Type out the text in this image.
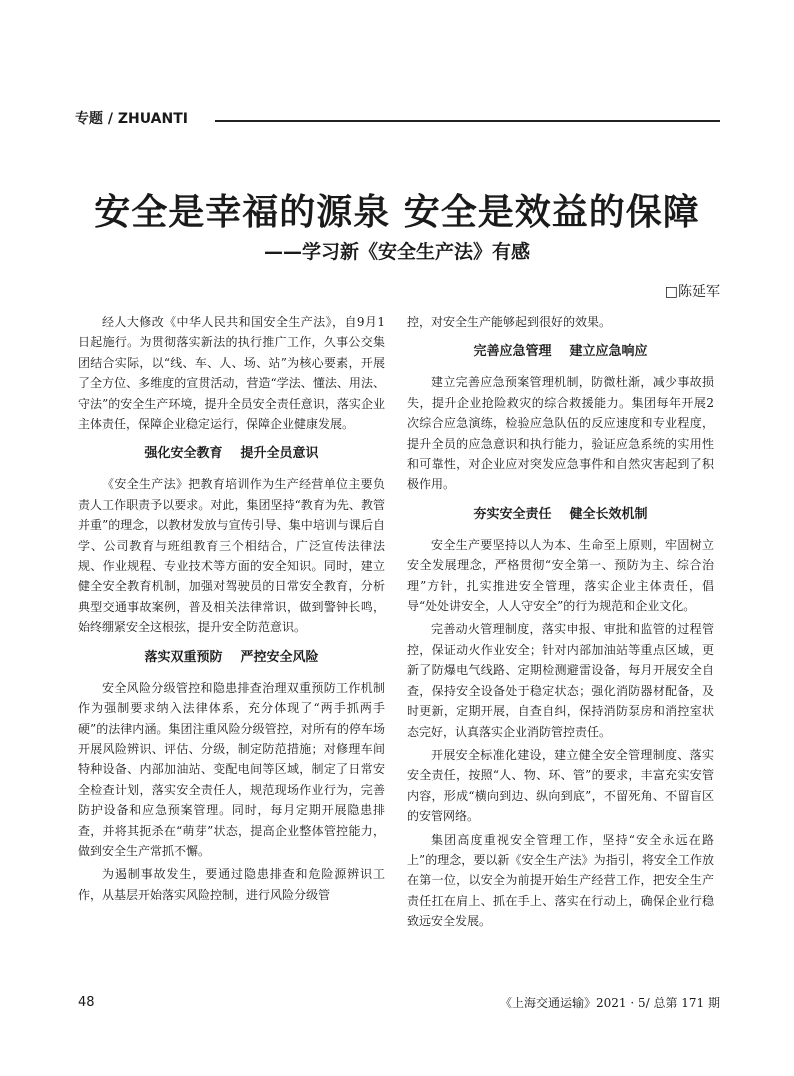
专题 / ZHUANTI
安全是幸福的源泉 安全是效益的保障
——学习新《安全生产法》有感
□陈延军

经人大修改《中华人民共和国安全生产法》，自9月1日起施行。为贯彻落实新法的执行推广工作，久事公交集团结合实际，以“线、车、人、场、站”为核心要素，开展了全方位、多维度的宣贯活动，营造“学法、懂法、用法、守法”的安全生产环境，提升全员安全责任意识，落实企业主体责任，保障企业稳定运行，保障企业健康发展。

强化安全教育    提升全员意识

《安全生产法》把教育培训作为生产经营单位主要负责人工作职责予以要求。对此，集团坚持“教育为先、教管并重”的理念，以教材发放与宣传引导、集中培训与课后自学、公司教育与班组教育三个相结合，广泛宣传法律法规、作业规程、专业技术等方面的安全知识。同时，建立健全安全教育机制，加强对驾驶员的日常安全教育，分析典型交通事故案例，普及相关法律常识，做到警钟长鸣，始终绷紧安全这根弦，提升安全防范意识。

落实双重预防    严控安全风险

安全风险分级管控和隐患排查治理双重预防工作机制作为强制要求纳入法律体系，充分体现了“两手抓两手硬”的法律内涵。集团注重风险分级管控，对所有的停车场开展风险辨识、评估、分级，制定防范措施；对修理车间特种设备、内部加油站、变配电间等区域，制定了日常安全检查计划，落实安全责任人，规范现场作业行为，完善防护设备和应急预案管理。同时，每月定期开展隐患排查，并将其扼杀在“萌芽”状态，提高企业整体管控能力，做到安全生产常抓不懈。

为遏制事故发生，要通过隐患排查和危险源辨识工作，从基层开始落实风险控制，进行风险分级管

控，对安全生产能够起到很好的效果。

完善应急管理    建立应急响应

建立完善应急预案管理机制，防微杜渐，减少事故损失，提升企业抢险救灾的综合救援能力。集团每年开展2次综合应急演练，检验应急队伍的反应速度和专业程度，提升全员的应急意识和执行能力，验证应急系统的实用性和可靠性，对企业应对突发应急事件和自然灾害起到了积极作用。

夯实安全责任    健全长效机制

安全生产要坚持以人为本、生命至上原则，牢固树立安全发展理念，严格贯彻“安全第一、预防为主、综合治理”方针，扎实推进安全管理，落实企业主体责任，倡导“处处讲安全，人人守安全”的行为规范和企业文化。

完善动火管理制度，落实申报、审批和监管的过程管控，保证动火作业安全；针对内部加油站等重点区域，更新了防爆电气线路、定期检测避雷设备，每月开展安全自查，保持安全设备处于稳定状态；强化消防器材配备，及时更新，定期开展，自查自纠，保持消防泵房和消控室状态完好，认真落实企业消防管控责任。

开展安全标准化建设，建立健全安全管理制度、落实安全责任，按照“人、物、环、管”的要求，丰富充实安管内容，形成“横向到边、纵向到底”，不留死角、不留盲区的安管网络。

集团高度重视安全管理工作，坚持“安全永远在路上”的理念，要以新《安全生产法》为指引，将安全工作放在第一位，以安全为前提开始生产经营工作，把安全生产责任扛在肩上、抓在手上、落实在行动上，确保企业行稳致远安全发展。

48	《上海交通运输》2021 · 5/ 总第 171 期
